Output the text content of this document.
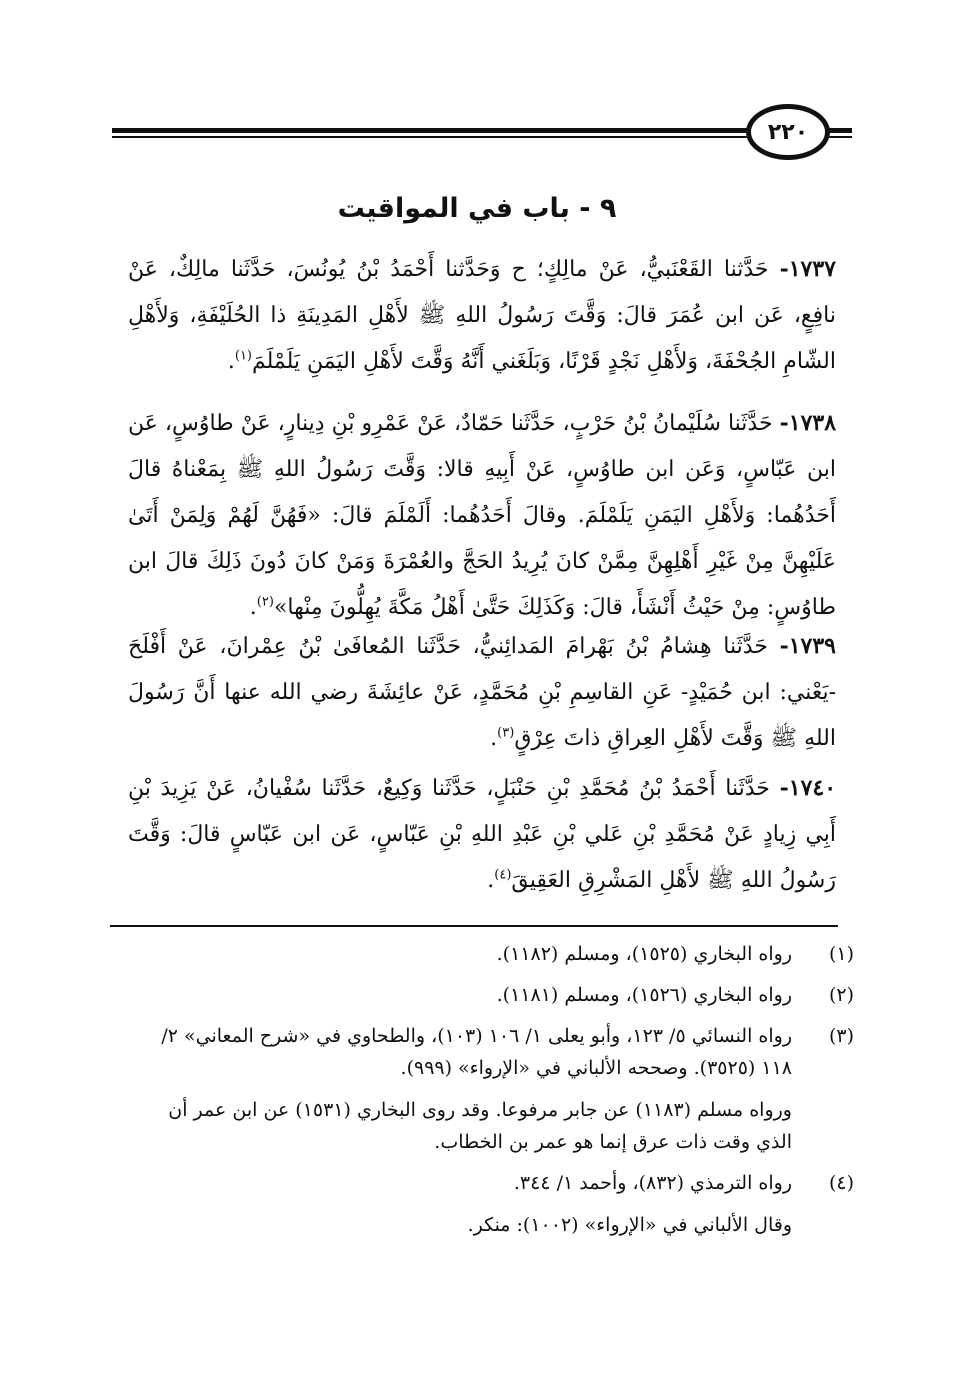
٢٢٠
٩ - باب في المواقيت
١٧٣٧- حَدَّثنا القَعْنَبيُّ، عَنْ مالِكٍ؛ ح وَحَدَّثنا أَحْمَدُ بْنُ يُونُسَ، حَدَّثَنا مالِكٌ، عَنْ نافِعٍ، عَن ابن عُمَرَ قالَ: وَقَّتَ رَسُولُ اللهِ ﷺ لأَهْلِ المَدِينَةِ ذا الحُلَيْفَةِ، وَلأَهْلِ الشّامِ الجُحْفَةَ، وَلأَهْلِ نَجْدٍ قَرْنًا، وَبَلَغَني أَنَّهُ وَقَّتَ لأَهْلِ اليَمَنِ يَلَمْلَمَ$^{(١)}$.
١٧٣٨- حَدَّثَنا سُلَيْمانُ بْنُ حَرْبٍ، حَدَّثَنا حَمّادٌ، عَنْ عَمْرِو بْنِ دِينارٍ، عَنْ طاوُسٍ، عَن ابن عَبّاسٍ، وَعَن ابن طاوُسٍ، عَنْ أَبِيهِ قالا: وَقَّتَ رَسُولُ اللهِ ﷺ بِمَعْناهُ قالَ أَحَدُهُما: وَلأَهْلِ اليَمَنِ يَلَمْلَمَ. وقالَ أَحَدُهُما: أَلَمْلَمَ قالَ: «فَهُنَّ لَهُمْ وَلِمَنْ أَتَىٰ عَلَيْهِنَّ مِنْ غَيْرِ أَهْلِهِنَّ مِمَّنْ كانَ يُرِيدُ الحَجَّ والعُمْرَةَ وَمَنْ كانَ دُونَ ذَلِكَ قالَ ابن طاوُسٍ: مِنْ حَيْثُ أَنْشَأَ، قالَ: وَكَذَلِكَ حَتَّىٰ أَهْلُ مَكَّةَ يُهِلُّونَ مِنْها»$^{(٢)}$.
١٧٣٩- حَدَّثَنا هِشامُ بْنُ بَهْرامَ المَدائِنيُّ، حَدَّثَنا المُعافَىٰ بْنُ عِمْرانَ، عَنْ أَفْلَحَ -يَعْني: ابن حُمَيْدٍ- عَنِ القاسِمِ بْنِ مُحَمَّدٍ، عَنْ عائِشَةَ رضي الله عنها أَنَّ رَسُولَ اللهِ ﷺ وَقَّتَ لأَهْلِ العِراقِ ذاتَ عِرْقٍ$^{(٣)}$.
١٧٤٠- حَدَّثَنا أَحْمَدُ بْنُ مُحَمَّدِ بْنِ حَنْبَلٍ، حَدَّثَنا وَكِيعٌ، حَدَّثَنا سُفْيانُ، عَنْ يَزِيدَ بْنِ أَبِي زِيادٍ عَنْ مُحَمَّدِ بْنِ عَلي بْنِ عَبْدِ اللهِ بْنِ عَبّاسٍ، عَن ابن عَبّاسٍ قالَ: وَقَّتَ رَسُولُ اللهِ ﷺ لأَهْلِ المَشْرِقِ العَقِيقَ$^{(٤)}$.
(١)

رواه البخاري (١٥٢٥)، ومسلم (١١٨٢).

(٢)

رواه البخاري (١٥٢٦)، ومسلم (١١٨١).

(٣)

رواه النسائي ٥/ ١٢٣، وأبو يعلى ١/ ١٠٦ (١٠٣)، والطحاوي في «شرح المعاني» ٢/ ١١٨ (٣٥٢٥). وصححه الألباني في «الإرواء» (٩٩٩).

ورواه مسلم (١١٨٣) عن جابر مرفوعا. وقد روى البخاري (١٥٣١) عن ابن عمر أن الذي وقت ذات عرق إنما هو عمر بن الخطاب.

(٤)

رواه الترمذي (٨٣٢)، وأحمد ١/ ٣٤٤.

وقال الألباني في «الإرواء» (١٠٠٢): منكر.
